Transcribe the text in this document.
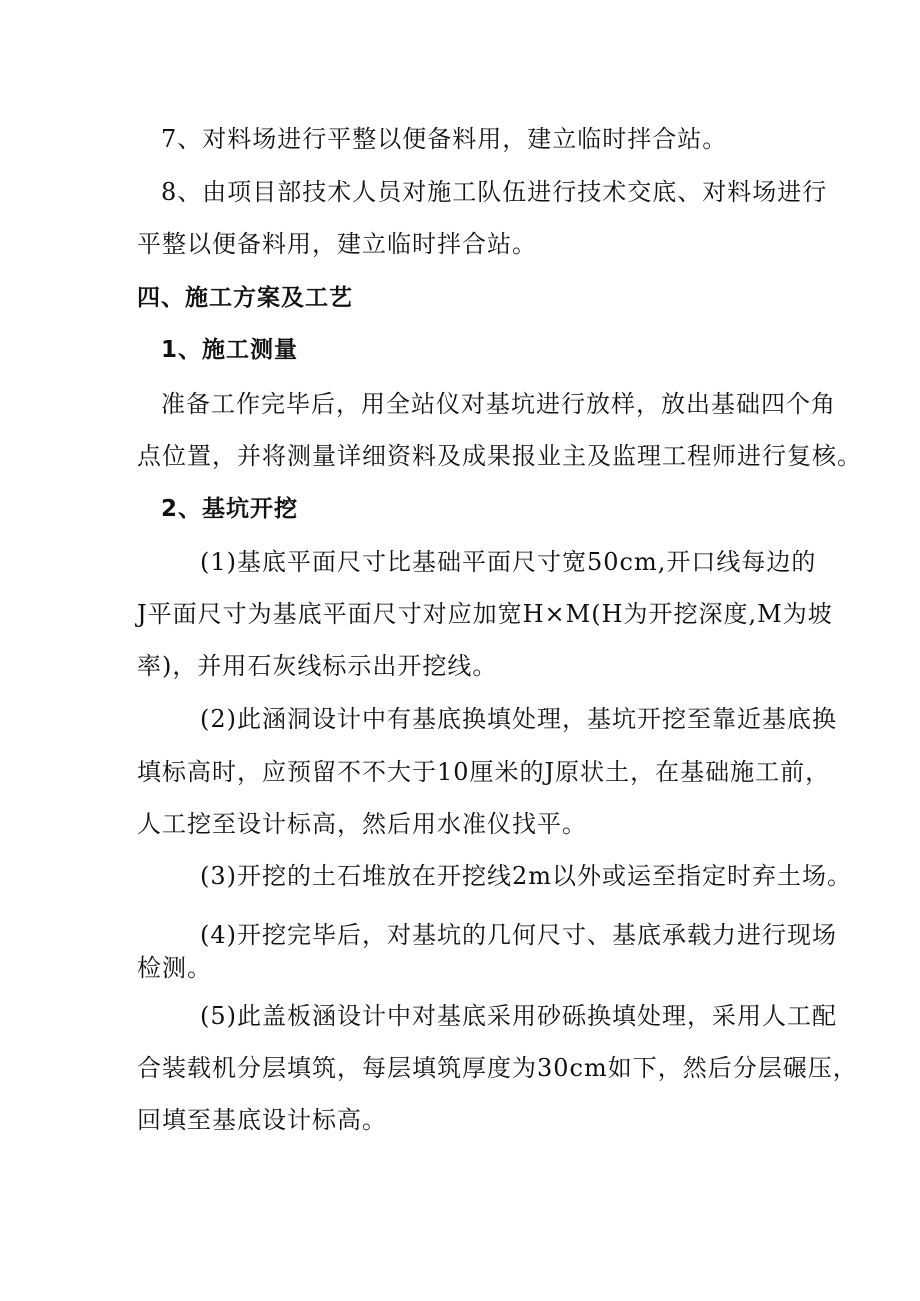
7、对料场进行平整以便备料用，建立临时拌合站。
8、由项目部技术人员对施工队伍进行技术交底、对料场进行
平整以便备料用，建立临时拌合站。
四、施工方案及工艺
1、施工测量
准备工作完毕后，用全站仪对基坑进行放样，放出基础四个角
点位置，并将测量详细资料及成果报业主及监理工程师进行复核。
2、基坑开挖
(1)基底平面尺寸比基础平面尺寸宽50cm,开口线每边的
J平面尺寸为基底平面尺寸对应加宽H×M(H为开挖深度,M为坡
率)，并用石灰线标示出开挖线。
(2)此涵洞设计中有基底换填处理，基坑开挖至靠近基底换
填标高时，应预留不不大于10厘米的J原状土，在基础施工前，
人工挖至设计标高，然后用水准仪找平。
(3)开挖的土石堆放在开挖线2m以外或运至指定时弃土场。
(4)开挖完毕后，对基坑的几何尺寸、基底承载力进行现场
检测。
(5)此盖板涵设计中对基底采用砂砾换填处理，采用人工配
合装载机分层填筑，每层填筑厚度为30cm如下，然后分层碾压，
回填至基底设计标高。
